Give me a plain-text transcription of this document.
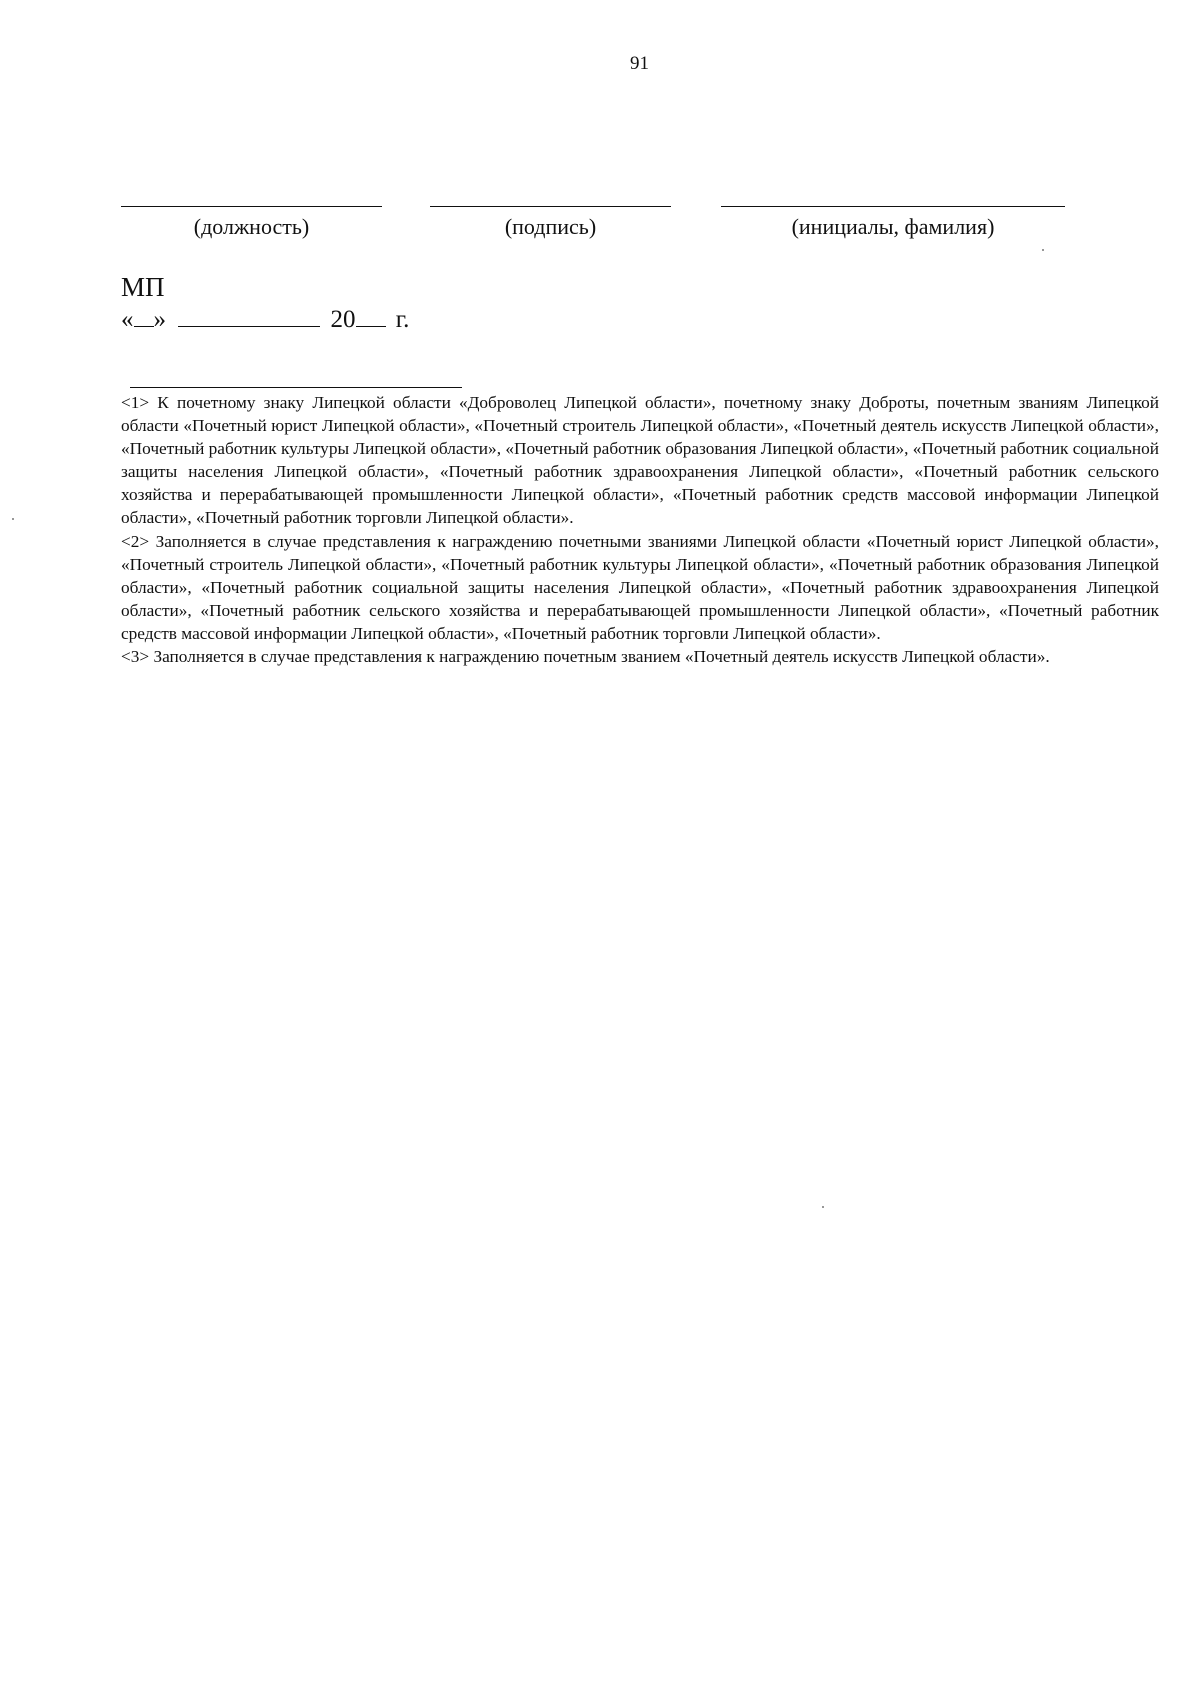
91
(должность)	(подпись)	(инициалы, фамилия)
МП
« »	20 г.

<1> К почетному знаку Липецкой области «Доброволец Липецкой области», почетному знаку Доброты, почетным званиям Липецкой области «Почетный юрист Липецкой области», «Почетный строитель Липецкой области», «Почетный деятель искусств Липецкой области», «Почетный работник культуры Липецкой области», «Почетный работник образования Липецкой области», «Почетный работник социальной защиты населения Липецкой области», «Почетный работник здравоохранения Липецкой области», «Почетный работник сельского хозяйства и перерабатывающей промышленности Липецкой области», «Почетный работник средств массовой информации Липецкой области», «Почетный работник торговли Липецкой области».

<2> Заполняется в случае представления к награждению почетными званиями Липецкой области «Почетный юрист Липецкой области», «Почетный строитель Липецкой области», «Почетный работник культуры Липецкой области», «Почетный работник образования Липецкой области», «Почетный работник социальной защиты населения Липецкой области», «Почетный работник здравоохранения Липецкой области», «Почетный работник сельского хозяйства и перерабатывающей промышленности Липецкой области», «Почетный работник средств массовой информации Липецкой области», «Почетный работник торговли Липецкой области».

<3> Заполняется в случае представления к награждению почетным званием «Почетный деятель искусств Липецкой области».
